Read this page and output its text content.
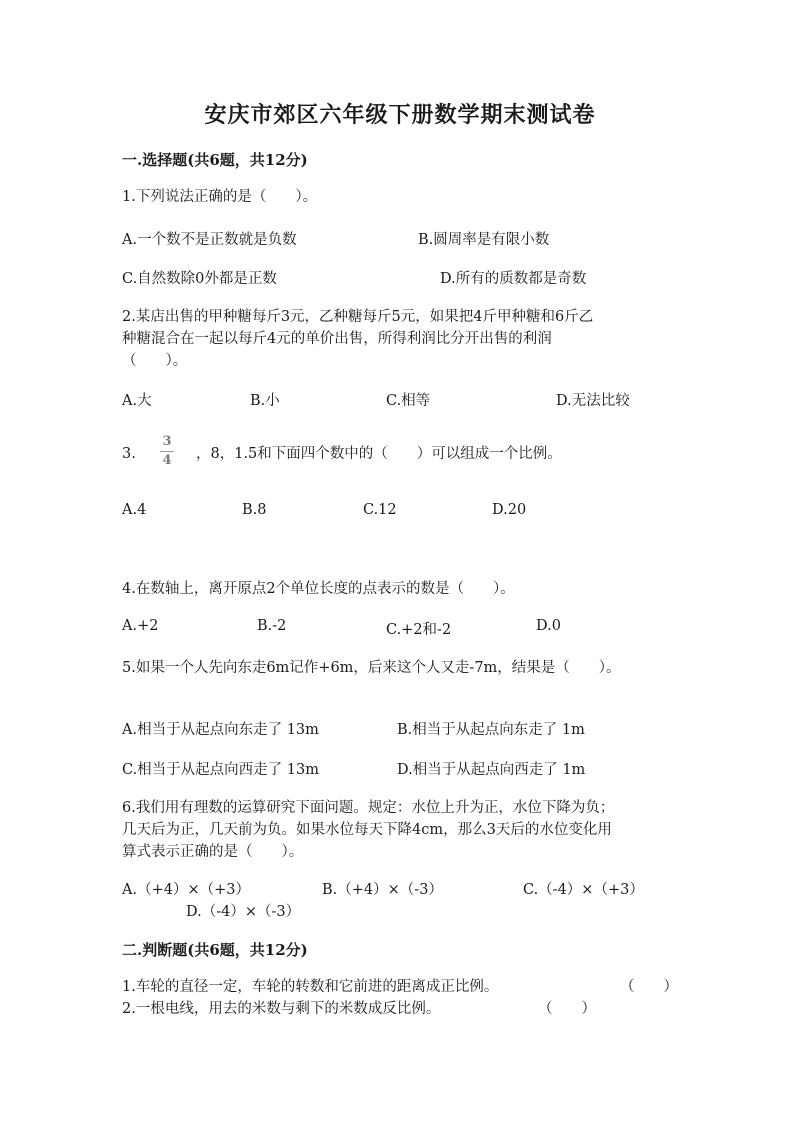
安庆市郊区六年级下册数学期末测试卷
一.选择题(共6题，共12分)
1.下列说法正确的是（　　）。
A.一个数不是正数就是负数	B.圆周率是有限小数
C.自然数除0外都是正数	D.所有的质数都是奇数
2.某店出售的甲种糖每斤3元，乙种糖每斤5元，如果把4斤甲种糖和6斤乙
种糖混合在一起以每斤4元的单价出售，所得利润比分开出售的利润
（　　）。
A.大	B.小	C.相等	D.无法比较
3.
3
4 ，8，1.5和下面四个数中的（　　）可以组成一个比例。
A.4	B.8	C.12	D.20
4.在数轴上，离开原点2个单位长度的点表示的数是（　　）。
A.+2	B.-2	C.+2和-2	D.0
5.如果一个人先向东走6m记作+6m，后来这个人又走-7m，结果是（　　）。
A.相当于从起点向东走了 13m	B.相当于从起点向东走了 1m
C.相当于从起点向西走了 13m	D.相当于从起点向西走了 1m
6.我们用有理数的运算研究下面问题。规定：水位上升为正，水位下降为负；
几天后为正，几天前为负。如果水位每天下降4cm，那么3天后的水位变化用
算式表示正确的是（　　）。
A.（+4）×（+3）	B.（+4）×（-3）	C.（-4）×（+3）
D.（-4）×（-3）
二.判断题(共6题，共12分)
1.车轮的直径一定，车轮的转数和它前进的距离成正比例。	（　　）
2.一根电线，用去的米数与剩下的米数成反比例。	（　　）
